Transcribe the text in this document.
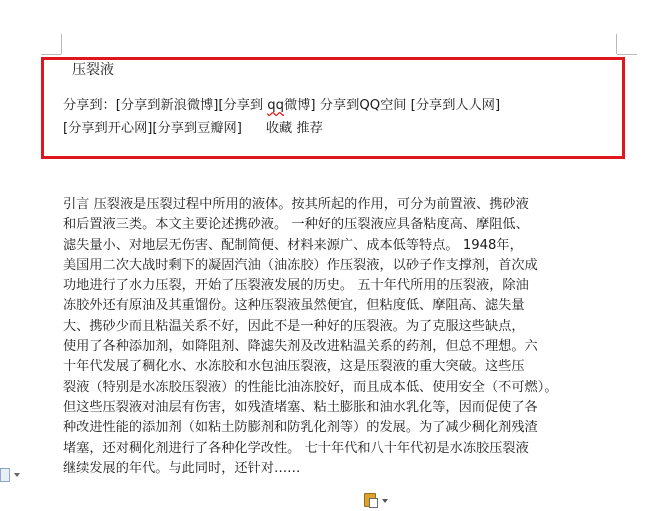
压裂液
分享到：[分享到新浪微博][分享到 qq微博] 分享到QQ空间 [分享到人人网]
[分享到开心网][分享到豆瓣网] 收藏 推荐
引言 压裂液是压裂过程中所用的液体。按其所起的作用，可分为前置液、携砂液
和后置液三类。本文主要论述携砂液。 一种好的压裂液应具备粘度高、摩阻低、
滤失量小、对地层无伤害、配制简便、材料来源广、成本低等特点。 1948年，
美国用二次大战时剩下的凝固汽油（油冻胶）作压裂液，以砂子作支撑剂，首次成
功地进行了水力压裂，开始了压裂液发展的历史。 五十年代所用的压裂液，除油
冻胶外还有原油及其重馏份。这种压裂液虽然便宜，但粘度低、摩阻高、滤失量
大、携砂少而且粘温关系不好，因此不是一种好的压裂液。为了克服这些缺点，
使用了各种添加剂，如降阻剂、降滤失剂及改进粘温关系的药剂，但总不理想。六
十年代发展了稠化水、水冻胶和水包油压裂液，这是压裂液的重大突破。这些压
裂液（特别是水冻胶压裂液）的性能比油冻胶好，而且成本低、使用安全（不可燃）。
但这些压裂液对油层有伤害，如残渣堵塞、粘土膨胀和油水乳化等，因而促使了各
种改进性能的添加剂（如粘土防膨剂和防乳化剂等）的发展。为了减少稠化剂残渣
堵塞，还对稠化剂进行了各种化学改性。 七十年代和八十年代初是水冻胶压裂液
继续发展的年代。与此同时，还针对……
